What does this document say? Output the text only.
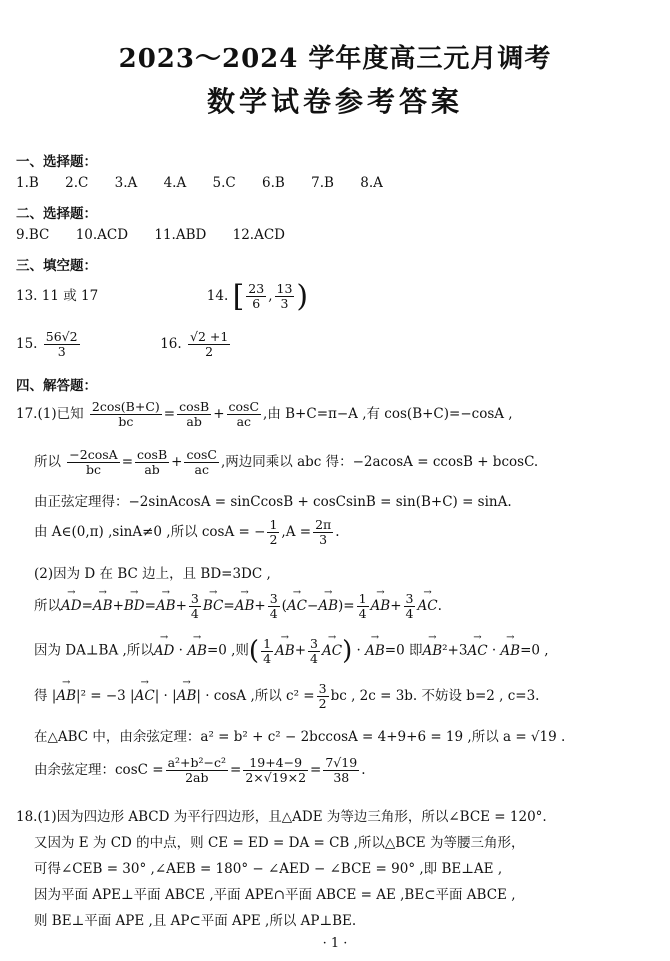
2023～2024 学年度高三元月调考
数学试卷参考答案
一、选择题：
1.B 2.C 3.A 4.A 5.C 6.B 7.B 8.A
二、选择题：
9.BC 10.ACD 11.ABD 12.ACD
三、填空题：
13. 11 或 17	14. [ $\frac{23}{6}$ , $\frac{13}{3}$ )
15. $\frac{56√2}{3}$	16. $\frac{√2 +1}{2}$
四、解答题：
17.(1)已知 $\frac{2\cos(B+C)}{bc} = \frac{\cos B}{ab} + \frac{\cos C}{ac}$ ,由 B+C=π−A ,有 cos(B+C)=−cosA ,
所以 $\frac{-2\cos A}{bc} = \frac{\cos B}{ab} + \frac{\cos C}{ac}$ ,两边同乘以 abc 得：−2acosA = ccosB + bcosC.
由正弦定理得：−2sinAcosA = sinCcosB + cosCsinB = sin(B+C) = sinA.
由 A∈(0,π) ,sinA≠0 ,所以 cosA = − $\frac{1}{2} ,A = \frac{2\pi}{3}$ .
(2)因为 D 在 BC 边上，且 BD=3DC ,
所以→ $AD=\to AB+\to BD=\to AB+ \frac{3}{4}$
→ $BC=\to AB+ \frac{3}{4}$ (→ $AC-\to AB)= \frac{1}{4}$
→ $AB+ \frac{3}{4}$
→ AC.
因为 DA⊥BA ,所以→ AD · → AB=0 ,则( $\frac{1}{4}$
→ $AB+ \frac{3}{4}$
→ AC) · → AB=0 即→ AB²+3→ AC · → AB=0 ,
得 |→ AB|² = −3 |→ AC| · |→ AB| · cosA ,所以 $c^2 = \frac{3}{2}$ bc , 2c = 3b. 不妨设 b=2 , c=3.
在△ABC 中，由余弦定理：a² = b² + c² − 2bccosA = 4+9+6 = 19 ,所以 a = √19 .
由余弦定理：$\cos C = \frac{\text{a²+b²−c²}}{2ab} = \frac{19+4-9}{2\times√19\times 2} = \frac{7√19}{38}$ .
18.(1)因为四边形 ABCD 为平行四边形，且△ADE 为等边三角形，所以∠BCE = 120°.
又因为 E 为 CD 的中点，则 CE = ED = DA = CB ,所以△BCE 为等腰三角形，
可得∠CEB = 30° ,∠AEB = 180° − ∠AED − ∠BCE = 90° ,即 BE⊥AE ,
因为平面 APE⊥平面 ABCE ,平面 APE∩平面 ABCE = AE ,BE⊂平面 ABCE ,
则 BE⊥平面 APE ,且 AP⊂平面 APE ,所以 AP⊥BE.
· 1 ·
